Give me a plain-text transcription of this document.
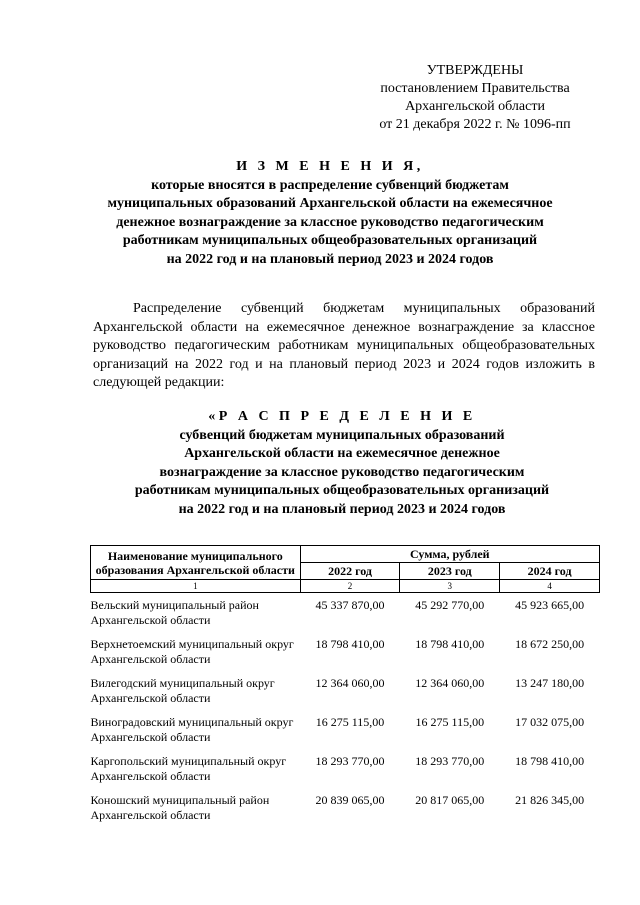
УТВЕРЖДЕНЫ
постановлением Правительства
Архангельской области
от 21 декабря 2022 г. № 1096-пп
И З М Е Н Е Н И Я,
которые вносятся в распределение субвенций бюджетам
муниципальных образований Архангельской области на ежемесячное
денежное вознаграждение за классное руководство педагогическим
работникам муниципальных общеобразовательных организаций
на 2022 год и на плановый период 2023 и 2024 годов

Распределение субвенций бюджетам муниципальных образований Архангельской области на ежемесячное денежное вознаграждение за классное руководство педагогическим работникам муниципальных общеобразовательных организаций на 2022 год и на плановый период 2023 и 2024 годов изложить в следующей редакции:

«Р А С П Р Е Д Е Л Е Н И Е
субвенций бюджетам муниципальных образований
Архангельской области на ежемесячное денежное
вознаграждение за классное руководство педагогическим
работникам муниципальных общеобразовательных организаций
на 2022 год и на плановый период 2023 и 2024 годов
Наименование муниципального образования Архангельской области	Сумма, рублей		
	2022 год	2023 год	2024 год
1	2	3	4
Вельский муниципальный район Архангельской области	45 337 870,00	45 292 770,00	45 923 665,00
Верхнетоемский муниципальный округ Архангельской области	18 798 410,00	18 798 410,00	18 672 250,00
Вилегодский муниципальный округ Архангельской области	12 364 060,00	12 364 060,00	13 247 180,00
Виноградовский муниципальный округ Архангельской области	16 275 115,00	16 275 115,00	17 032 075,00
Каргопольский муниципальный округ Архангельской области	18 293 770,00	18 293 770,00	18 798 410,00
Коношский муниципальный район Архангельской области	20 839 065,00	20 817 065,00	21 826 345,00
